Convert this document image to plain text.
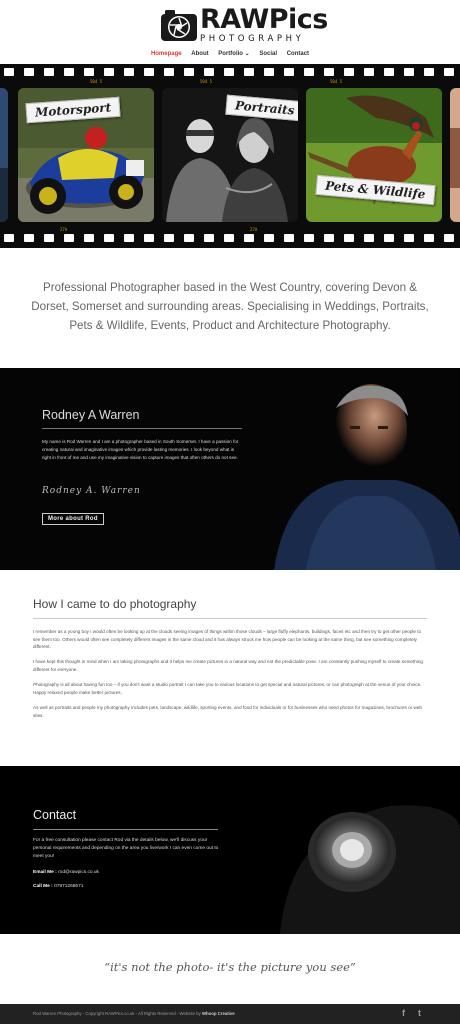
RAWPics
PHOTOGRAPHY
Homepage About Portfolio ⌄ Social Contact
504 5	504 5	504 5
27A	27A
Motorsport	Portraits
Pets & Wildlife

Professional Photographer based in the West Country, covering Devon & Dorset, Somerset and surrounding areas. Specialising in Weddings, Portraits, Pets & Wildlife, Events, Product and Architecture Photography.

Rodney A Warren

My name is Rod Warren and I am a photographer based in South Somerset. I have a passion for creating natural and imaginative images which provide lasting memories. I look beyond what is right in front of me and use my imaginative vision to capture images that often others do not see.

Rodney A. Warren
More about Rod
How I came to do photography

I remember as a young boy I would often be looking up at the clouds seeing images of things within those clouds – large fluffy elephants, buildings, faces etc and then try to get other people to see them too. Others would often see completely different images in the same cloud and it has always struck me how people can be looking at the same thing, but see something completely different.

I have kept this thought in mind when I am taking photographs and it helps me create pictures in a natural way and not the predictable pose. I am constantly pushing myself to create something different for everyone.

Photography is all about having fun too – if you don't want a studio portrait I can take you to various locations to get special and natural pictures, or can photograph at the venue of your choice. Happy relaxed people make better pictures.

As well as portraits and people my photography includes pets, landscape, wildlife, sporting events, and food for individuals or for businesses who need photos for magazines, brochures or web sites.

Contact

For a free consultation please contact Rod via the details below, we'll discuss your personal requirements and depending on the area you live/work I can even come out to meet you!

Email Me : rod@rawpics.co.uk
Call Me : 07971268671

“it's not the photo- it's the picture you see”

Rod Warren Photography - Copyright RAWPics.co.uk - All Rights Reserved - Website by Whoop Creative	f t
